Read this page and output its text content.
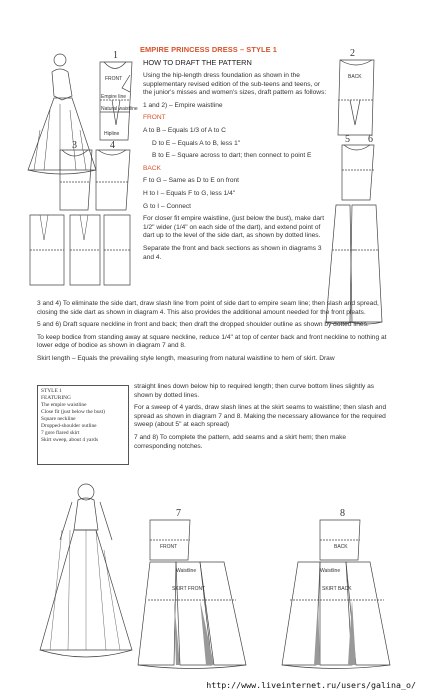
1
3	4
FRONT
Empire line
Natural waistline
Hipline
2
5 6
BACK
EMPIRE PRINCESS DRESS – STYLE 1
HOW TO DRAFT THE PATTERN

Using the hip-length dress foundation as shown in the supplementary revised edition of the sub-teens and teens, or the junior's misses and women's sizes, draft pattern as follows:

1 and 2) – Empire waistline

FRONT

A to B – Equals 1/3 of A to C

D to E – Equals A to B, less 1"

B to E – Square across to dart; then connect to point E

BACK

F to G – Same as D to E on front

H to I – Equals F to G, less 1/4"

G to I – Connect

For closer fit empire waistline, (just below the bust), make dart 1/2" wider (1/4" on each side of the dart), and extend point of dart up to the level of the side dart, as shown by dotted lines.

Separate the front and back sections as shown in diagrams 3 and 4.

3 and 4) To eliminate the side dart, draw slash line from point of side dart to empire seam line; then slash and spread, closing the side dart as shown in diagram 4. This also provides the additional amount needed for the front pleats.

5 and 6) Draft square neckline in front and back; then draft the dropped shoulder outline as shown by dotted lines.

To keep bodice from standing away at square neckline, reduce 1/4" at top of center back and front neckline to nothing at lower edge of bodice as shown in diagram 7 and 8.

Skirt length – Equals the prevailing style length, measuring from natural waistline to hem of skirt. Draw

STYLE 1
FEATURING
The empire waistline
Close fit (just below the bust)
Square neckline
Dropped-shoulder outline
7 gore flared skirt
Skirt sweep, about 4 yards

straight lines down below hip to required length; then curve bottom lines slightly as shown by dotted lines.

For a sweep of 4 yards, draw slash lines at the skirt seams to waistline; then slash and spread as shown in diagram 7 and 8. Making the necessary allowance for the required sweep (about 5" at each spread)

7 and 8) To complete the pattern, add seams and a skirt hem; then make corresponding notches.

7	8
FRONT	BACK
SKIRT FRONT	SKIRT BACK
Waistline	Waistline
http://www.liveinternet.ru/users/galina_o/
